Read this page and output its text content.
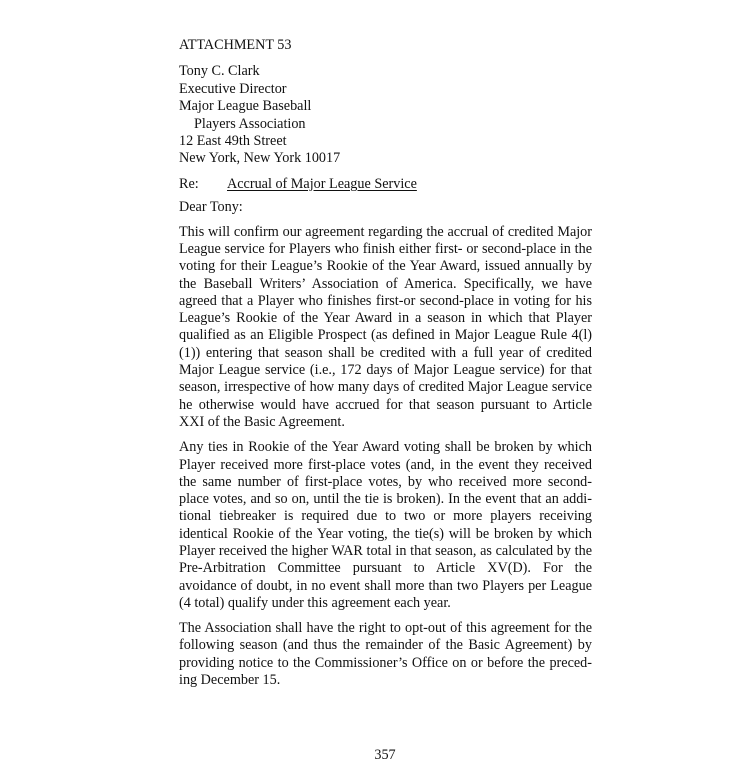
ATTACHMENT 53
Tony C. Clark
Executive Director
Major League Baseball
Players Association
12 East 49th Street
New York, New York 10017
Re:	Accrual of Major League Service
Dear Tony:

This will confirm our agreement regarding the accrual of credited Major League service for Players who finish either first- or second-place in the voting for their League’s Rookie of the Year Award, issued annually by the Baseball Writers’ Association of America. Specifically, we have agreed that a Player who finishes first-or second-place in voting for his League’s Rookie of the Year Award in a season in which that Player qualified as an Eligible Prospect (as defined in Major League Rule 4(l)(1)) entering that season shall be credited with a full year of credited Major League service (i.e., 172 days of Major League service) for that season, irrespective of how many days of credited Major League service he otherwise would have accrued for that season pursuant to Article XXI of the Basic Agreement.

Any ties in Rookie of the Year Award voting shall be broken by which Player received more first-place votes (and, in the event they received the same number of first-place votes, by who received more second-place votes, and so on, until the tie is broken). In the event that an additional tiebreaker is required due to two or more players receiving identical Rookie of the Year voting, the tie(s) will be broken by which Player received the higher WAR total in that season, as calculated by the Pre-Arbitration Committee pursuant to Article XV(D). For the avoidance of doubt, in no event shall more than two Players per League (4 total) qualify under this agreement each year.

The Association shall have the right to opt-out of this agreement for the following season (and thus the remainder of the Basic Agreement) by providing notice to the Commissioner’s Office on or before the preceding December 15.

357
